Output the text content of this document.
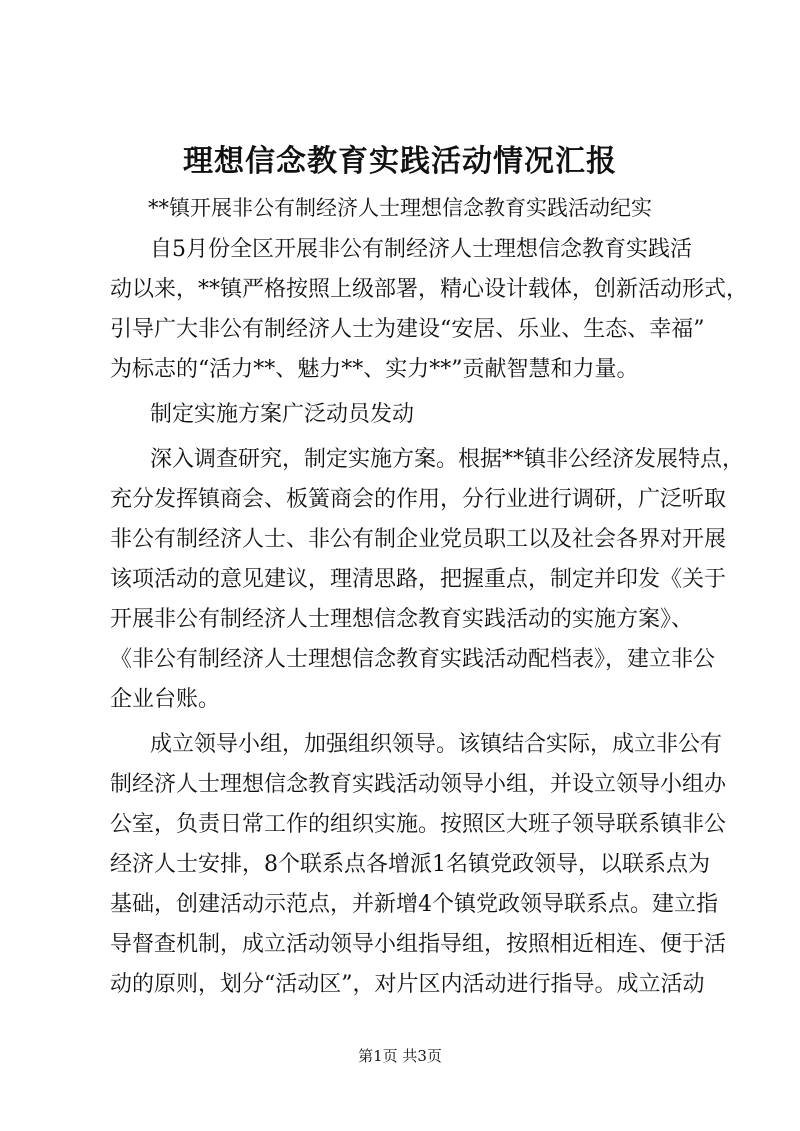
理想信念教育实践活动情况汇报
**镇开展非公有制经济人士理想信念教育实践活动纪实
自5月份全区开展非公有制经济人士理想信念教育实践活
动以来，**镇严格按照上级部署，精心设计载体，创新活动形式，
引导广大非公有制经济人士为建设“安居、乐业、生态、幸福”
为标志的“活力**、魅力**、实力**”贡献智慧和力量。
制定实施方案广泛动员发动
深入调查研究，制定实施方案。根据**镇非公经济发展特点，
充分发挥镇商会、板簧商会的作用，分行业进行调研，广泛听取
非公有制经济人士、非公有制企业党员职工以及社会各界对开展
该项活动的意见建议，理清思路，把握重点，制定并印发《关于
开展非公有制经济人士理想信念教育实践活动的实施方案》、
《非公有制经济人士理想信念教育实践活动配档表》，建立非公
企业台账。
成立领导小组，加强组织领导。该镇结合实际，成立非公有
制经济人士理想信念教育实践活动领导小组，并设立领导小组办
公室，负责日常工作的组织实施。按照区大班子领导联系镇非公
经济人士安排，8个联系点各增派1名镇党政领导，以联系点为
基础，创建活动示范点，并新增4个镇党政领导联系点。建立指
导督查机制，成立活动领导小组指导组，按照相近相连、便于活
动的原则，划分“活动区”，对片区内活动进行指导。成立活动
第1页 共3页
